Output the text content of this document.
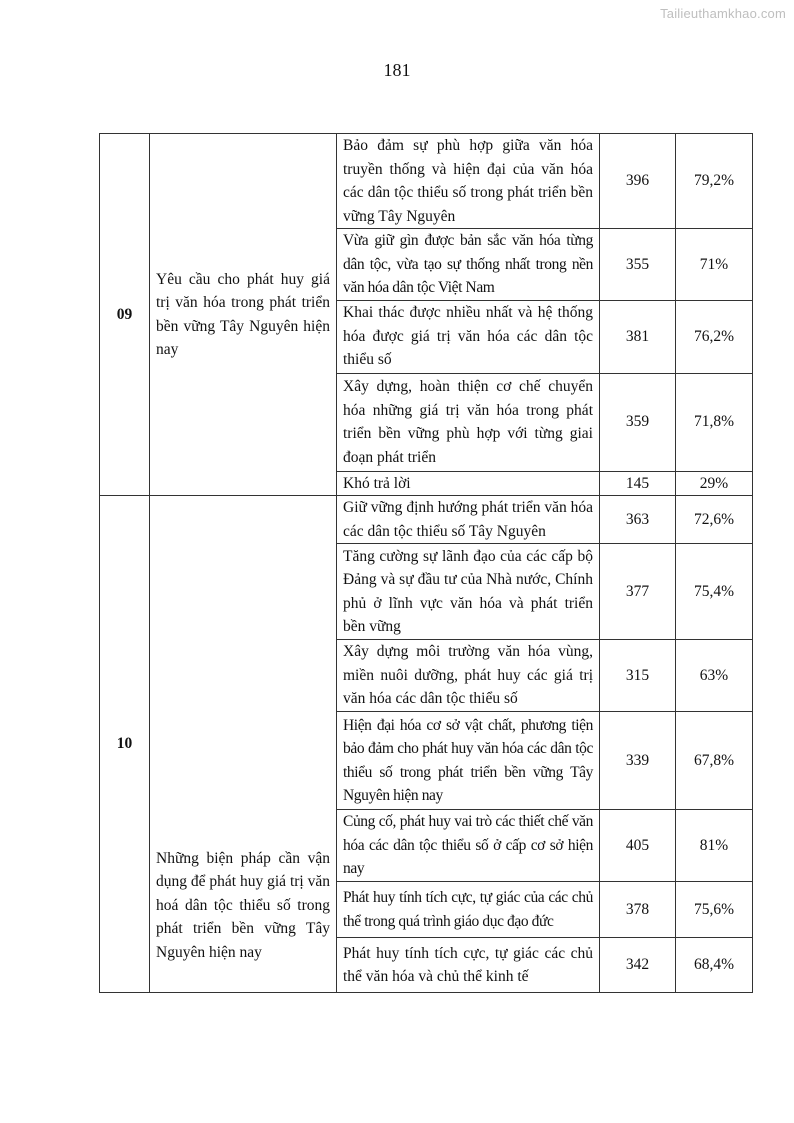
Tailieuthamkhao.com
181
09	Yêu cầu cho phát huy giá trị văn hóa trong phát triển bền vững Tây Nguyên hiện nay	Bảo đảm sự phù hợp giữa văn hóa truyền thống và hiện đại của văn hóa các dân tộc thiểu số trong phát triển bền vững Tây Nguyên	396	79,2%
		Vừa giữ gìn được bản sắc văn hóa từng dân tộc, vừa tạo sự thống nhất trong nền văn hóa dân tộc Việt Nam	355	71%
		Khai thác được nhiều nhất và hệ thống hóa được giá trị văn hóa các dân tộc thiểu số	381	76,2%
		Xây dựng, hoàn thiện cơ chế chuyển hóa những giá trị văn hóa trong phát triển bền vững phù hợp với từng giai đoạn phát triển	359	71,8%
		Khó trả lời	145	29%
10	Những biện pháp cần vận dụng để phát huy giá trị văn hoá dân tộc thiểu số trong phát triển bền vững Tây Nguyên hiện nay	Giữ vững định hướng phát triển văn hóa các dân tộc thiểu số Tây Nguyên	363	72,6%
		Tăng cường sự lãnh đạo của các cấp bộ Đảng và sự đầu tư của Nhà nước, Chính phủ ở lĩnh vực văn hóa và phát triển bền vững	377	75,4%
		Xây dựng môi trường văn hóa vùng, miền nuôi dưỡng, phát huy các giá trị văn hóa các dân tộc thiểu số	315	63%
		Hiện đại hóa cơ sở vật chất, phương tiện bảo đảm cho phát huy văn hóa các dân tộc thiểu số trong phát triển bền vững Tây Nguyên hiện nay	339	67,8%
		Củng cố, phát huy vai trò các thiết chế văn hóa các dân tộc thiểu số ở cấp cơ sở hiện nay	405	81%
		Phát huy tính tích cực, tự giác của các chủ thể trong quá trình giáo dục đạo đức	378	75,6%
		Phát huy tính tích cực, tự giác các chủ thể văn hóa và chủ thể kinh tế	342	68,4%
